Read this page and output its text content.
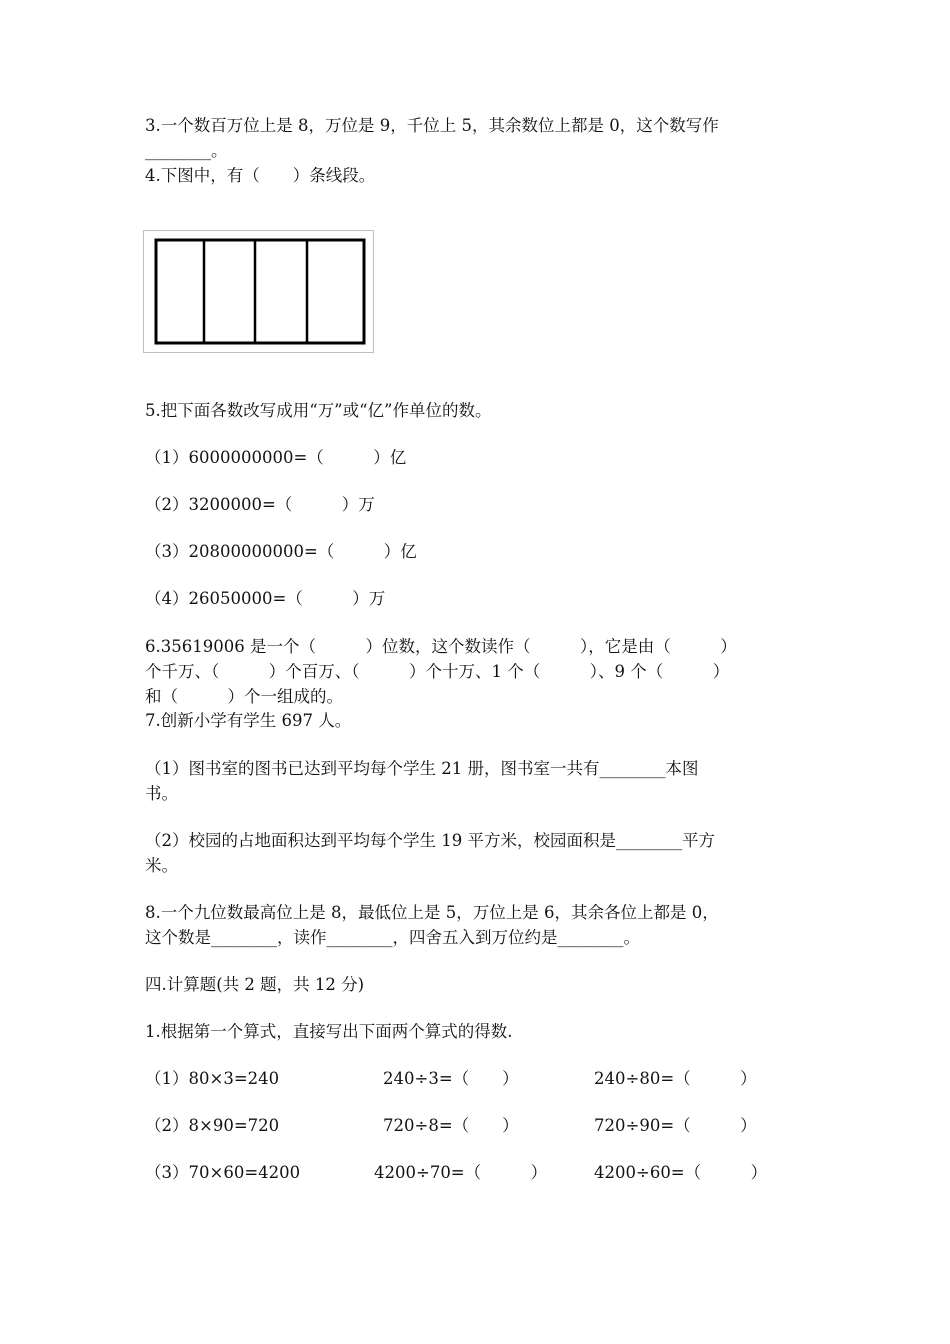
3.一个数百万位上是 8，万位是 9，千位上 5，其余数位上都是 0，这个数写作
________。
4.下图中，有（　　）条线段。
5.把下面各数改写成用“万”或“亿”作单位的数。
（1）6000000000=（　　　）亿
（2）3200000=（　　　）万
（3）20800000000=（　　　）亿
（4）26050000=（　　　）万
6.35619006 是一个（　　　）位数，这个数读作（　　　），它是由（　　　）
个千万、（　　　）个百万、（　　　）个十万、1 个（　　　）、9 个（　　　）
和（　　　）个一组成的。
7.创新小学有学生 697 人。
（1）图书室的图书已达到平均每个学生 21 册，图书室一共有________本图
书。
（2）校园的占地面积达到平均每个学生 19 平方米，校园面积是________平方
米。
8.一个九位数最高位上是 8，最低位上是 5，万位上是 6，其余各位上都是 0，
这个数是________，读作________，四舍五入到万位约是________。
四.计算题(共 2 题，共 12 分)
1.根据第一个算式，直接写出下面两个算式的得数.
（1）80×3=240	240÷3=（　　）	240÷80=（　　　）
（2）8×90=720	720÷8=（　　）	720÷90=（　　　）
（3）70×60=4200	4200÷70=（　　　）	4200÷60=（　　　）
